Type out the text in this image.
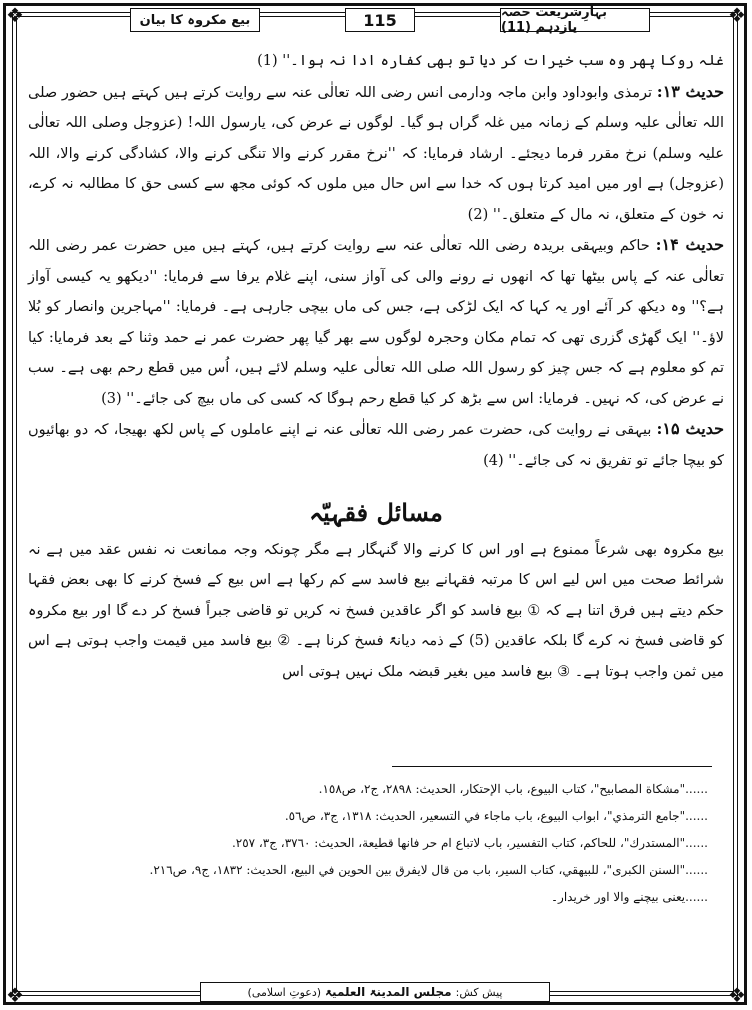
❖	❖
❖	❖
بیع مکروہ کا بیان	115	بہارِشریعت حصہ یازدہم (11)

غلہ روکا پھر وہ سب خیرات کر دیا تو بھی کفارہ ادا نہ ہوا۔'' (1)

حدیث ۱۳: ترمذی وابوداود وابن ماجہ ودارمی انس رضی اللہ تعالٰی عنہ سے روایت کرتے ہیں کہتے ہیں حضور صلی اللہ تعالٰی علیہ وسلم کے زمانہ میں غلہ گراں ہو گیا۔ لوگوں نے عرض کی، یارسول اللہ! (عزوجل وصلی اللہ تعالٰی علیہ وسلم) نرخ مقرر فرما دیجئے۔ ارشاد فرمایا: کہ ''نرخ مقرر کرنے والا تنگی کرنے والا، کشادگی کرنے والا، اللہ (عزوجل) ہے اور میں امید کرتا ہوں کہ خدا سے اس حال میں ملوں کہ کوئی مجھ سے کسی حق کا مطالبہ نہ کرے، نہ خون کے متعلق، نہ مال کے متعلق۔'' (2)

حدیث ۱۴: حاکم وبیہقی بریدہ رضی اللہ تعالٰی عنہ سے روایت کرتے ہیں، کہتے ہیں میں حضرت عمر رضی اللہ تعالٰی عنہ کے پاس بیٹھا تھا کہ انھوں نے رونے والی کی آواز سنی، اپنے غلام یرفا سے فرمایا: ''دیکھو یہ کیسی آواز ہے؟'' وہ دیکھ کر آئے اور یہ کہا کہ ایک لڑکی ہے، جس کی ماں بیچی جارہی ہے۔ فرمایا: ''مہاجرین وانصار کو بُلا لاؤ۔'' ایک گھڑی گزری تھی کہ تمام مکان وحجرہ لوگوں سے بھر گیا پھر حضرت عمر نے حمد وثنا کے بعد فرمایا: کیا تم کو معلوم ہے کہ جس چیز کو رسول اللہ صلی اللہ تعالٰی علیہ وسلم لائے ہیں، اُس میں قطع رحم بھی ہے۔ سب نے عرض کی، کہ نہیں۔ فرمایا: اس سے بڑھ کر کیا قطع رحم ہوگا کہ کسی کی ماں بیچ کی جائے۔'' (3)

حدیث ۱۵: بیہقی نے روایت کی، حضرت عمر رضی اللہ تعالٰی عنہ نے اپنے عاملوں کے پاس لکھ بھیجا، کہ دو بھائیوں کو بیچا جائے تو تفریق نہ کی جائے۔'' (4)

مسائل فقہیّہ

بیع مکروہ بھی شرعاً ممنوع ہے اور اس کا کرنے والا گنہگار ہے مگر چونکہ وجہ ممانعت نہ نفس عقد میں ہے نہ شرائط صحت میں اس لیے اس کا مرتبہ فقہانے بیع فاسد سے کم رکھا ہے اس بیع کے فسخ کرنے کا بھی بعض فقہا حکم دیتے ہیں فرق اتنا ہے کہ ① بیع فاسد کو اگر عاقدین فسخ نہ کریں تو قاضی جبراً فسخ کر دے گا اور بیع مکروہ کو قاضی فسخ نہ کرے گا بلکہ عاقدین (5) کے ذمہ دیانۃً فسخ کرنا ہے۔ ② بیع فاسد میں قیمت واجب ہوتی ہے اس میں ثمن واجب ہوتا ہے۔ ③ بیع فاسد میں بغیر قبضہ ملک نہیں ہوتی اس

......"مشكاة المصابيح"، كتاب البيوع، باب الإحتكار، الحديث: ٢٨٩٨، ج٢، ص١٥٨.
......"جامع الترمذي"، ابواب البيوع، باب ماجاء في التسعير، الحديث: ١٣١٨، ج٣، ص٥٦.
......"المستدرك"، للحاكم، كتاب التفسير، باب لاتباع ام حر فانها قطيعة، الحديث: ٣٧٦٠، ج٣، ٢٥٧.
......"السنن الكبرى"، للبيهقي، كتاب السير، باب من قال لايفرق بين الحوين في البيع، الحديث: ١٨٣٢، ج٩، ص٢١٦.
......یعنی بیچنے والا اور خریدار۔
پیش کش:
مجلس المدینۃ العلمیۃ
(دعوتِ اسلامی)
